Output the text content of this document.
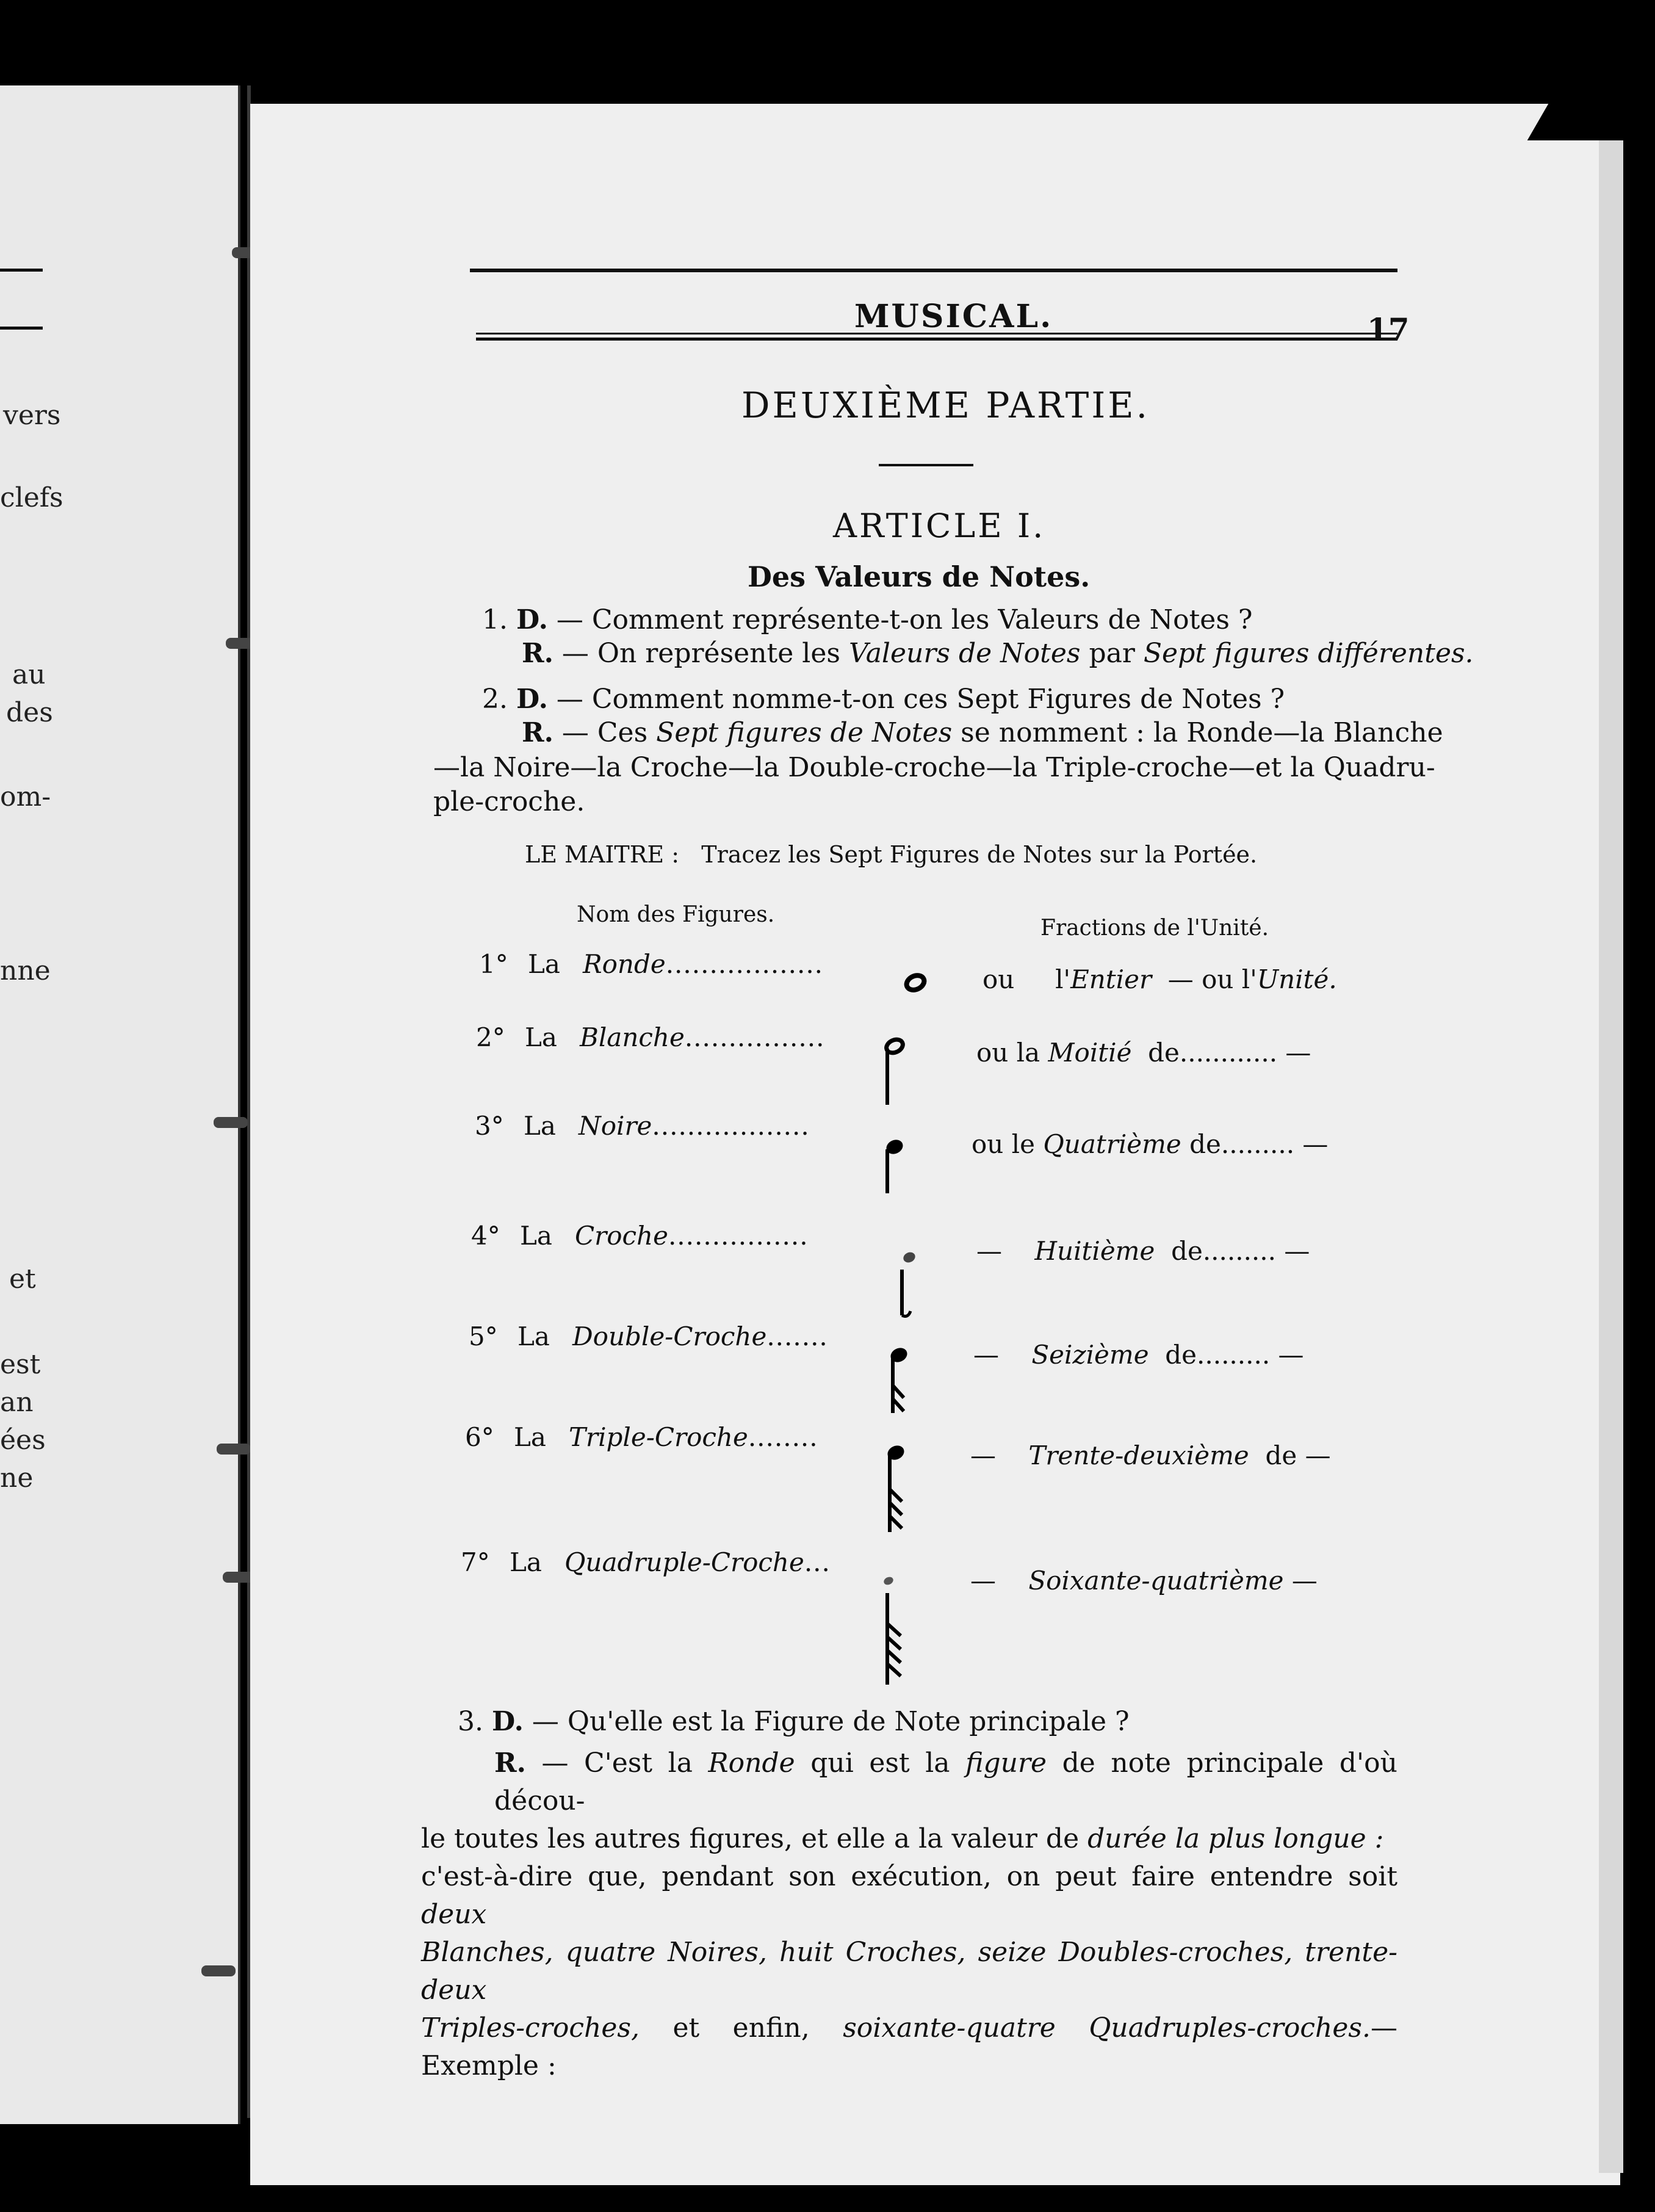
vers
clefs
au
des
om-
nne
et
est
an
ées
ne
MUSICAL.	17
DEUXIÈME PARTIE.
ARTICLE I.
Des Valeurs de Notes.
1. D. — Comment représente-t-on les Valeurs de Notes ?
R. — On représente les Valeurs de Notes par Sept figures différentes.
2. D. — Comment nomme-t-on ces Sept Figures de Notes ?
R. — Ces Sept figures de Notes se nomment : la Ronde—la Blanche
—la Noire—la Croche—la Double-croche—la Triple-croche—et la Quadru-
ple-croche.
LE MAITRE : Tracez les Sept Figures de Notes sur la Portée.
Nom des Figures.
Fractions de l'Unité.
1° La Ronde..................
ou l'Entier — ou l'Unité.
2° La Blanche................
ou la Moitié de............ —
3° La Noire..................
ou le Quatrième de......... —
4° La Croche................
— Huitième de......... —
5° La Double-Croche.......
— Seizième de......... —
6° La Triple-Croche........
— Trente-deuxième de —
7° La Quadruple-Croche...
— Soixante-quatrième —
3. D. — Qu'elle est la Figure de Note principale ?
R. — C'est la Ronde qui est la figure de note principale d'où décou-
le toutes les autres figures, et elle a la valeur de durée la plus longue :
c'est-à-dire que, pendant son exécution, on peut faire entendre soit deux
Blanches, quatre Noires, huit Croches, seize Doubles-croches, trente-deux
Triples-croches, et enfin, soixante-quatre Quadruples-croches.—Exemple :
